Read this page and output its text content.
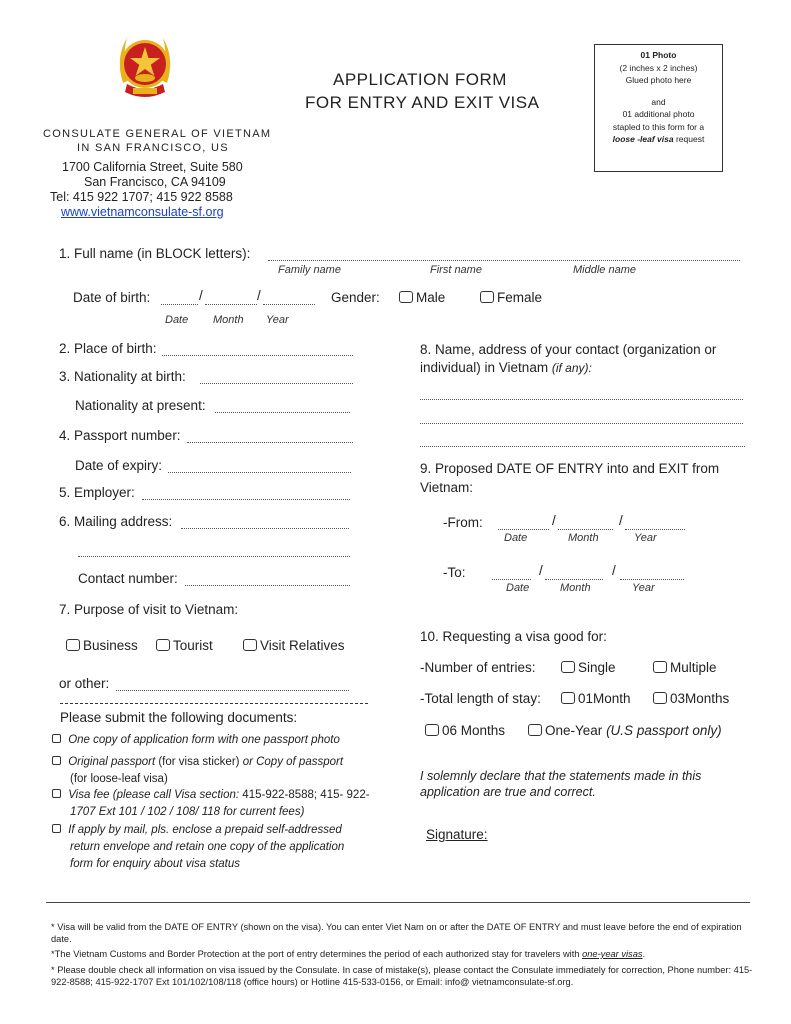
APPLICATION FORM
FOR ENTRY AND EXIT VISA
CONSULATE GENERAL OF VIETNAM
IN SAN FRANCISCO, US
1700 California Street, Suite 580
San Francisco, CA 94109
Tel: 415 922 1707; 415 922 8588
www.vietnamconsulate-sf.org
01 Photo
(2 inches x 2 inches)
Glued photo here
and
01 additional photo
stapled to this form for a
loose -leaf visa request
1. Full name (in BLOCK letters):
Family name	First name	Middle name
Date of birth:	/	/
Date Month Year
Gender:	Male	Female
2. Place of birth:
3. Nationality at birth:
Nationality at present:
4. Passport number:
Date of expiry:
5. Employer:
6. Mailing address:
Contact number:
7. Purpose of visit to Vietnam:
Business	Tourist	Visit Relatives
or other:
Please submit the following documents:
One copy of application form with one passport photo
Original passport (for visa sticker) or Copy of passport
(for loose-leaf visa)
Visa fee (please call Visa section: 415-922-8588; 415- 922-
1707 Ext 101 / 102 / 108/ 118 for current fees)
If apply by mail, pls. enclose a prepaid self-addressed
return envelope and retain one copy of the application
form for enquiry about visa status
8. Name, address of your contact (organization or
individual) in Vietnam (if any):
9. Proposed DATE OF ENTRY into and EXIT from
Vietnam:
-From:	/	/
Date	Month	Year
-To:	/	/
Date	Month	Year
10. Requesting a visa good for:
-Number of entries:	Single	Multiple
-Total length of stay:	01Month	03Months
06 Months	One-Year (U.S passport only)
I solemnly declare that the statements made in this
application are true and correct.
Signature:
* Visa will be valid from the DATE OF ENTRY (shown on the visa). You can enter Viet Nam on or after the DATE OF ENTRY and must leave before the end of expiration date.
*The Vietnam Customs and Border Protection at the port of entry determines the period of each authorized stay for travelers with one-year visas.
* Please double check all information on visa issued by the Consulate. In case of mistake(s), please contact the Consulate immediately for correction, Phone number: 415-922-8588; 415-922-1707 Ext 101/102/108/118 (office hours) or Hotline 415-533-0156, or Email: info@ vietnamconsulate-sf.org.
